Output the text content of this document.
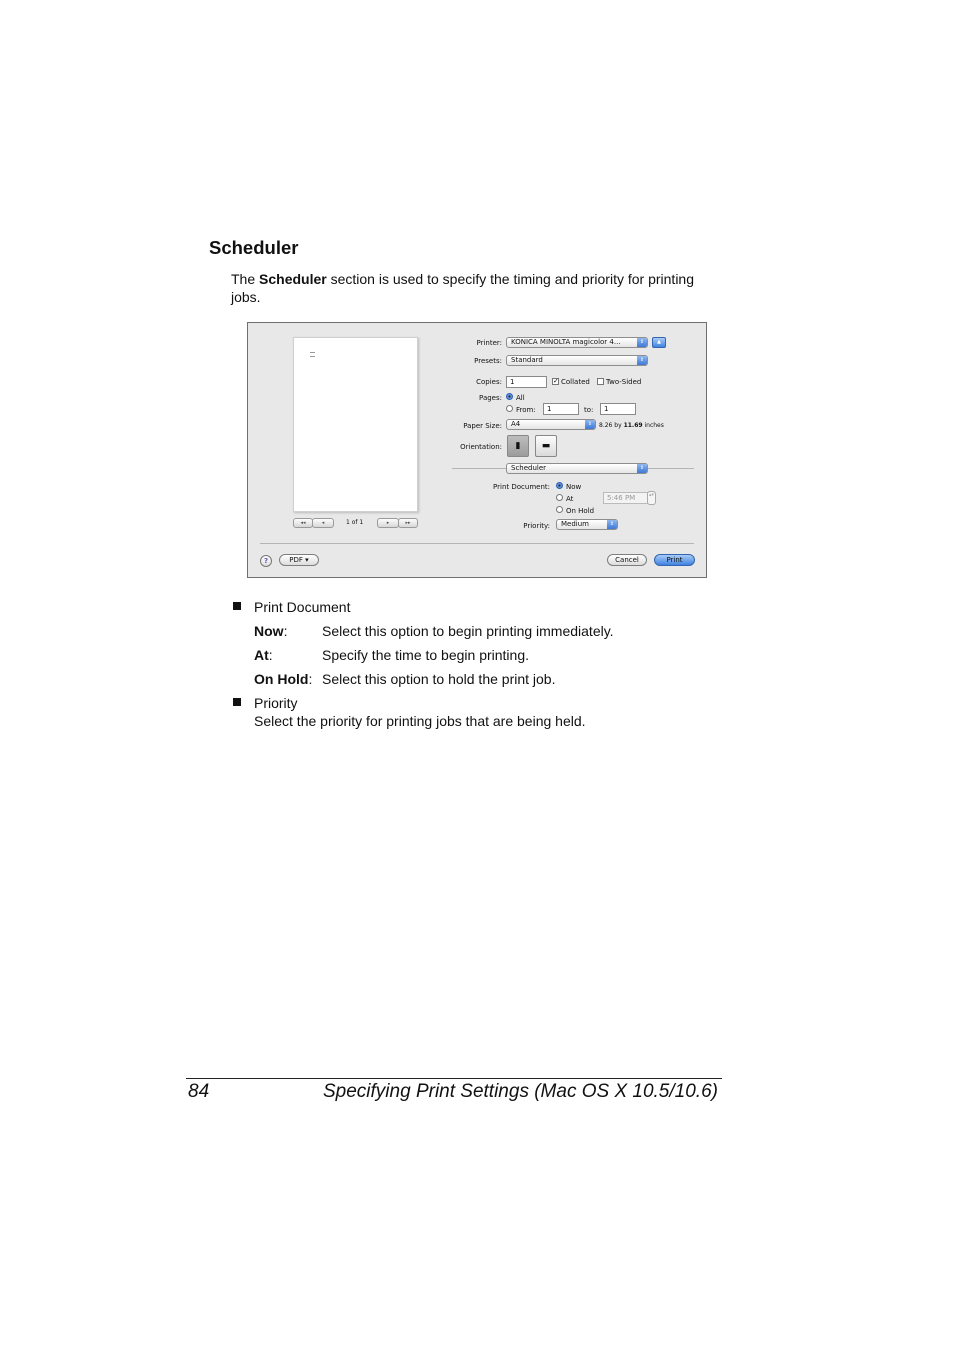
Scheduler

The Scheduler section is used to specify the timing and priority for printing jobs.

◂◂	◂	1 of 1	▸	▸▸
Printer:	KONICA MINOLTA magicolor 4...	⇕	▲
Presets:	Standard	⇕
Copies:	1	✓ Collated Two-Sided
Pages: All
From:	1	to:	1
Paper Size:	A4	⇕	8.26 by 11.69 inches
Orientation:	▮	▬
Scheduler	⇕
Print Document: Now
At	5:46 PM	▴▾
On Hold
Priority:	Medium	⇕
?	PDF ▾	Cancel	Print

Print Document

Now: Select this option to begin printing immediately.

At:	Specify the time to begin printing.

On Hold: Select this option to hold the print job.

Priority

Select the priority for printing jobs that are being held.

84	Specifying Print Settings (Mac OS X 10.5/10.6)
